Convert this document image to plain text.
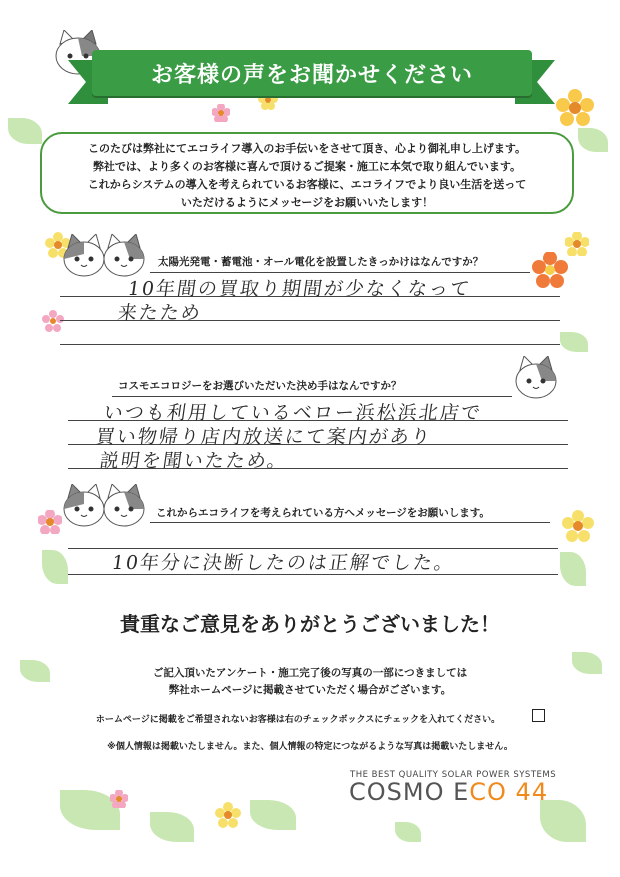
お客様の声をお聞かせください

このたびは弊社にてエコライフ導入のお手伝いをさせて頂き、心より御礼申し上げます。

弊社では、より多くのお客様に喜んで頂けるご提案・施工に本気で取り組んでいます。

これからシステムの導入を考えられているお客様に、エコライフでより良い生活を送って

いただけるようにメッセージをお願いいたします！

太陽光発電・蓄電池・オール電化を設置したきっかけはなんですか？
10年間の買取り期間が少なくなって
来たため
コスモエコロジーをお選びいただいた決め手はなんですか？
いつも利用しているベロー浜松浜北店で
買い物帰り店内放送にて案内があり
説明を聞いたため。
これからエコライフを考えられている方へメッセージをお願いします。
10年分に決断したのは正解でした。
貴重なご意見をありがとうございました！
ご記入頂いたアンケート・施工完了後の写真の一部につきましては
弊社ホームページに掲載させていただく場合がございます。
ホームページに掲載をご希望されないお客様は右のチェックボックスにチェックを入れてください。
※個人情報は掲載いたしません。また、個人情報の特定につながるような写真は掲載いたしません。
THE BEST QUALITY SOLAR POWER SYSTEMS
COSMO ECO 44
